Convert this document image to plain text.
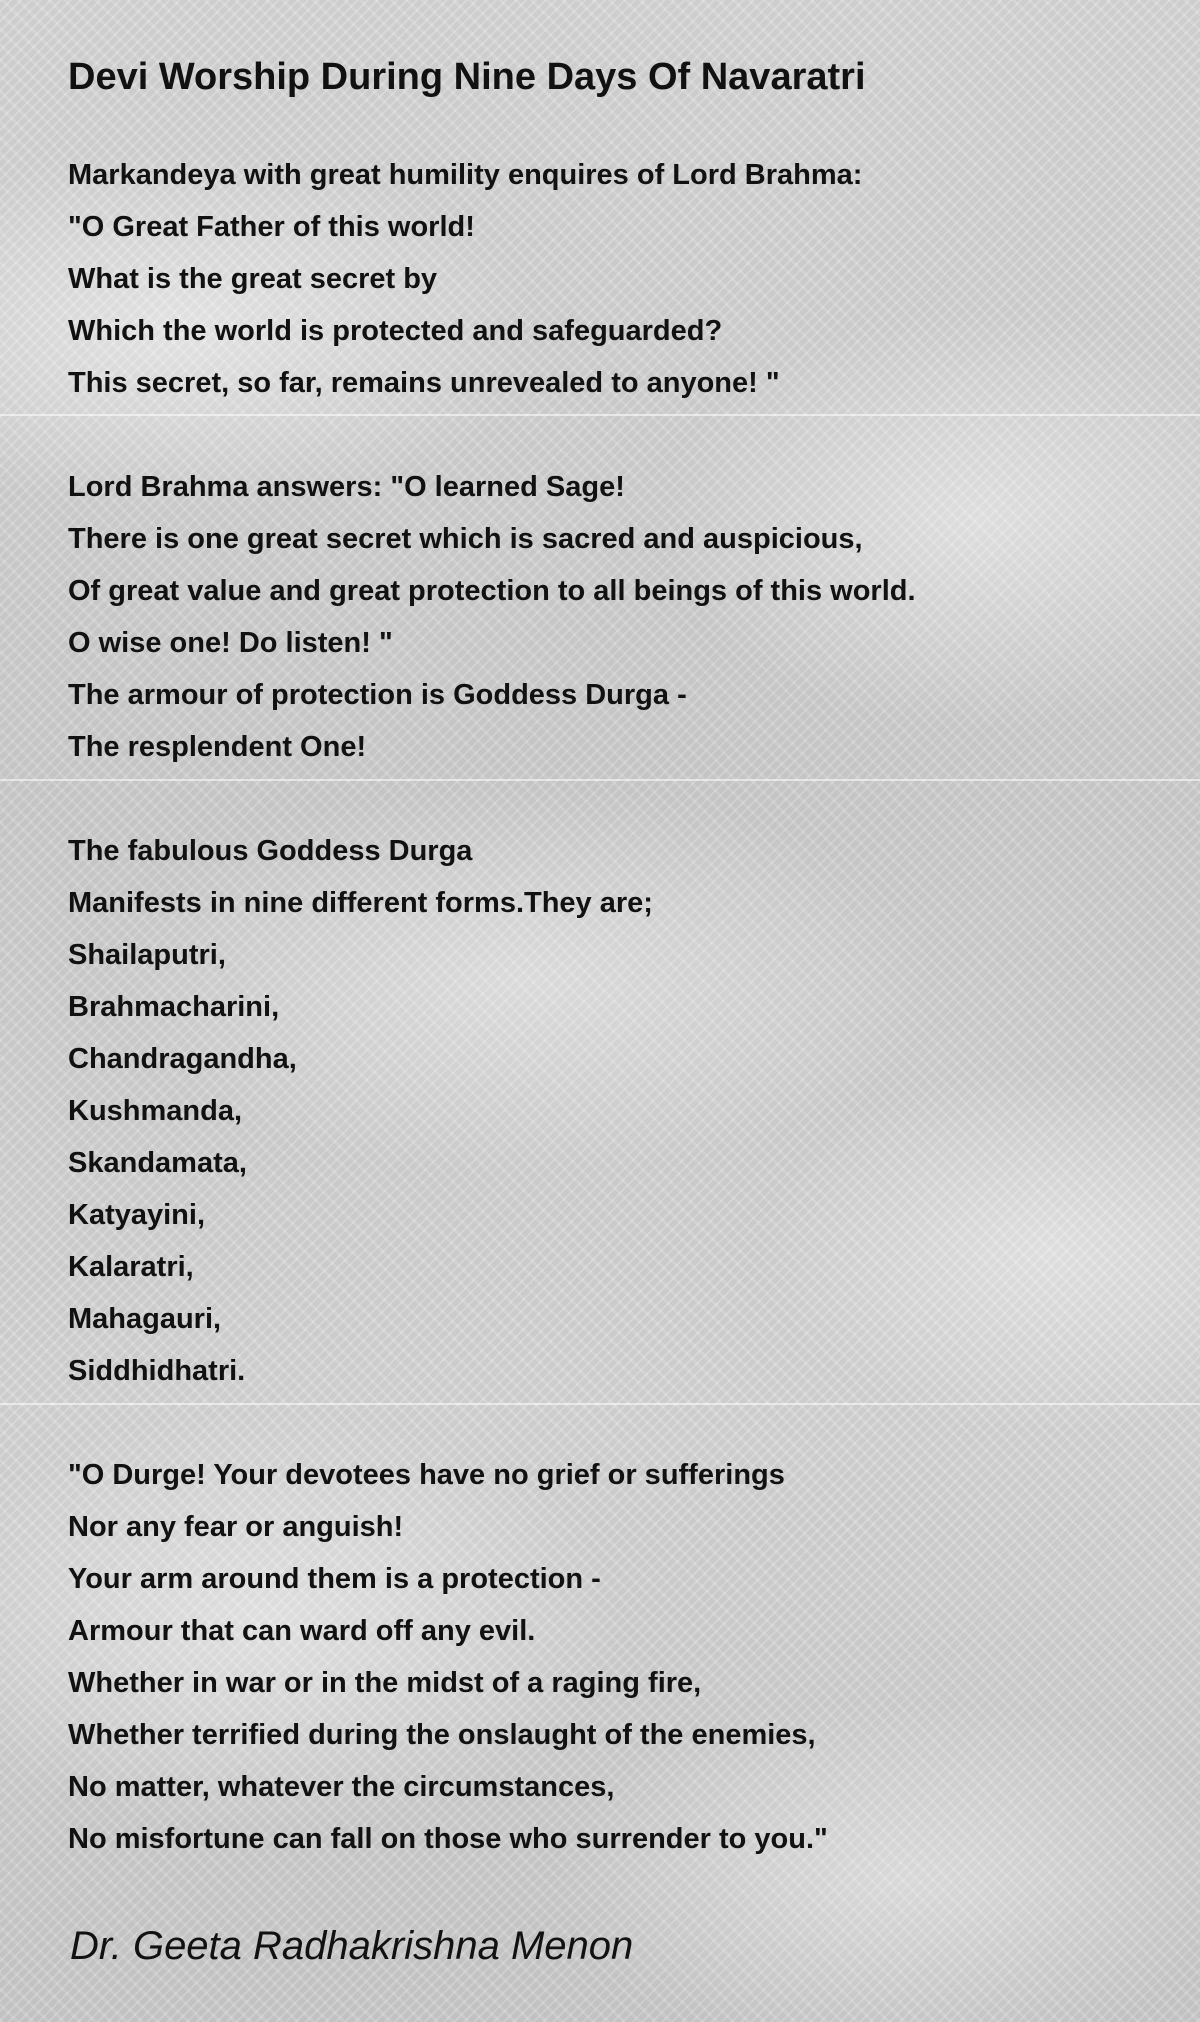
Devi Worship During Nine Days Of Navaratri
Markandeya with great humility enquires of Lord Brahma:
"O Great Father of this world!
What is the great secret by
Which the world is protected and safeguarded?
This secret, so far, remains unrevealed to anyone! "
Lord Brahma answers: "O learned Sage!
There is one great secret which is sacred and auspicious,
Of great value and great protection to all beings of this world.
O wise one! Do listen! "
The armour of protection is Goddess Durga -
The resplendent One!
The fabulous Goddess Durga
Manifests in nine different forms.They are;
Shailaputri,
Brahmacharini,
Chandragandha,
Kushmanda,
Skandamata,
Katyayini,
Kalaratri,
Mahagauri,
Siddhidhatri.
"O Durge! Your devotees have no grief or sufferings
Nor any fear or anguish!
Your arm around them is a protection -
Armour that can ward off any evil.
Whether in war or in the midst of a raging fire,
Whether terrified during the onslaught of the enemies,
No matter, whatever the circumstances,
No misfortune can fall on those who surrender to you."
Dr. Geeta Radhakrishna Menon
